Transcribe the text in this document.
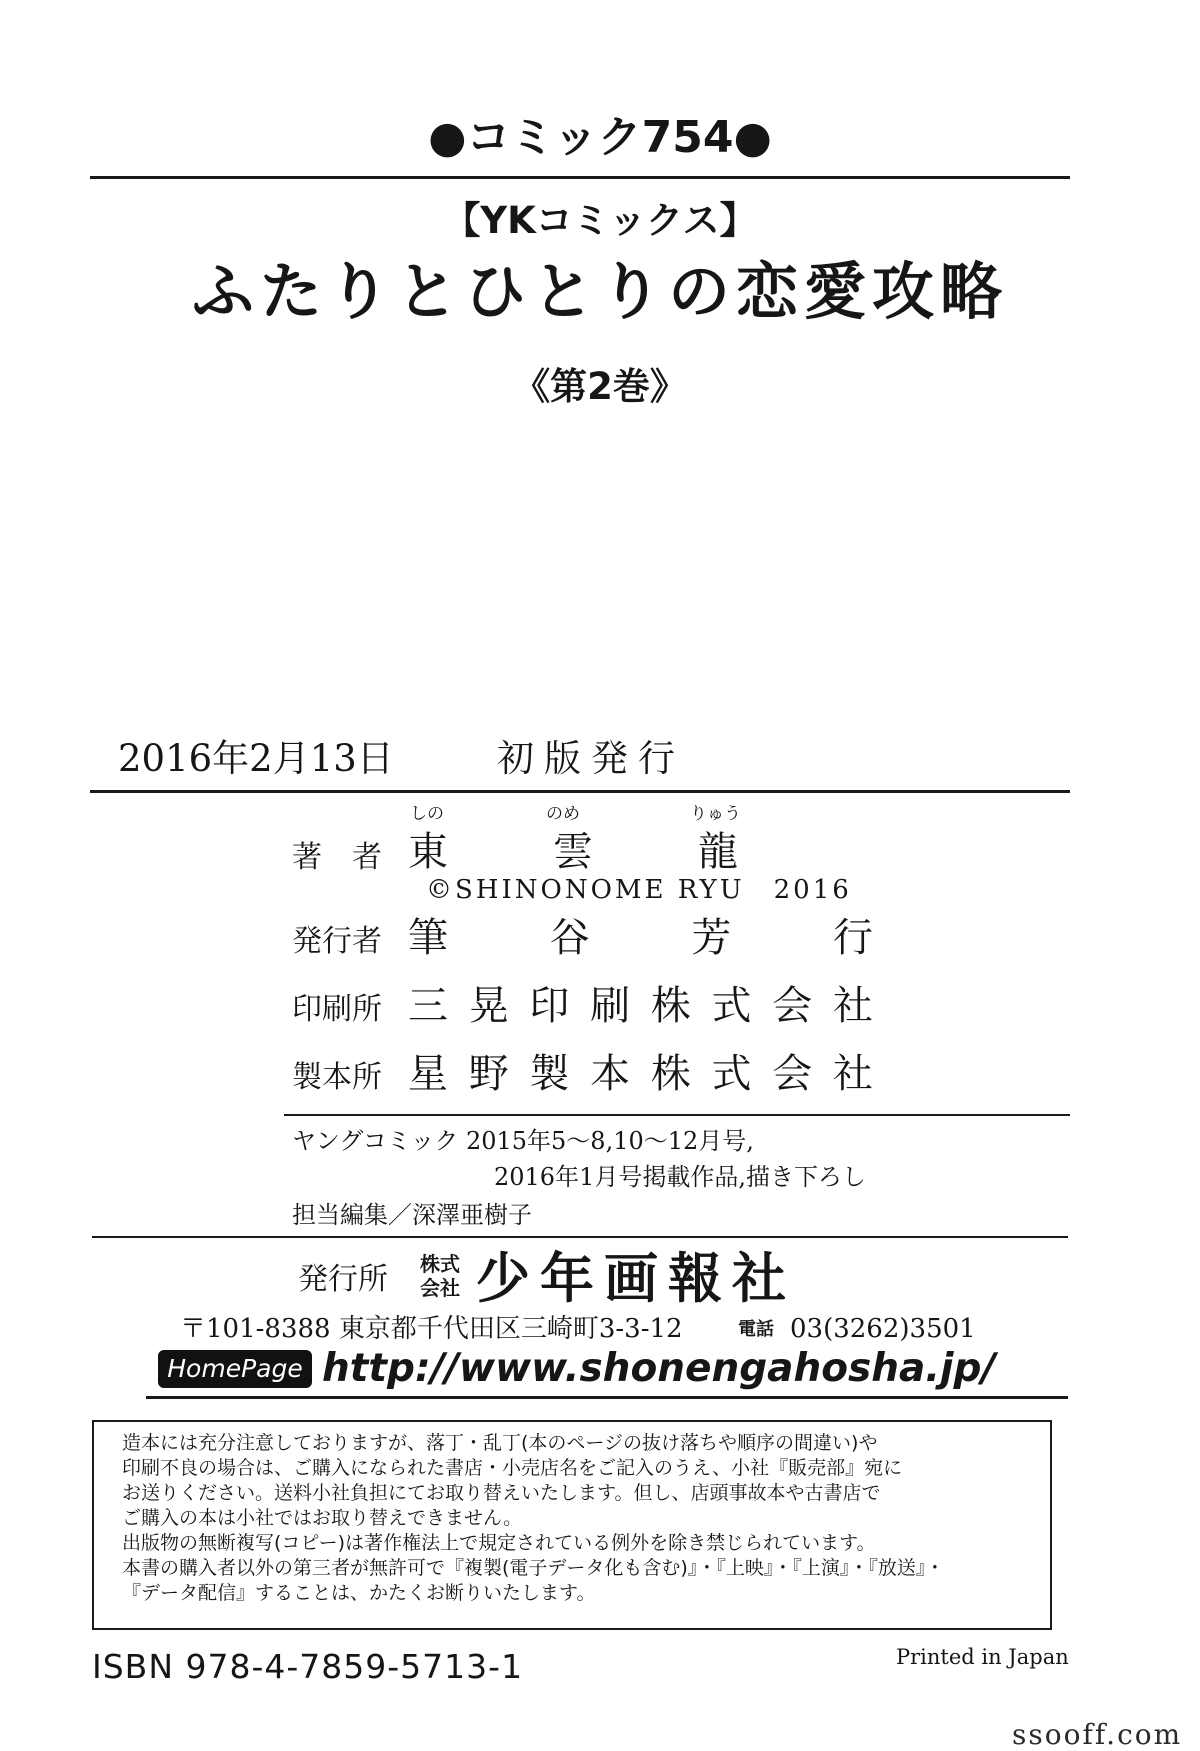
●コミック754●
【YKコミックス】
ふたりとひとりの恋愛攻略
《第2巻》
2016年2月13日	初版発行
しの	のめ	りゅう
著　者 東	雲	龍
©SHINONOME RYU　2016
発行者 筆	谷	芳	行
印刷所 三 晃 印 刷 株 式 会 社
製本所 星 野 製 本 株 式 会 社
ヤングコミック 2015年5～8,10～12月号,
2016年1月号掲載作品,描き下ろし
担当編集／深澤亜樹子
発行所 株式
会社 少年画報社
〒101-8388 東京都千代田区三崎町3-3-12	電話 03(3262)3501
HomePage http://www.shonengahosha.jp/
造本には充分注意しておりますが、落丁・乱丁(本のページの抜け落ちや順序の間違い)や
印刷不良の場合は、ご購入になられた書店・小売店名をご記入のうえ、小社『販売部』宛に
お送りください。送料小社負担にてお取り替えいたします。但し、店頭事故本や古書店で
ご購入の本は小社ではお取り替えできません。
出版物の無断複写(コピー)は著作権法上で規定されている例外を除き禁じられています。
本書の購入者以外の第三者が無許可で『複製(電子データ化も含む)』・『上映』・『上演』・『放送』・
『データ配信』することは、かたくお断りいたします。
ISBN 978-4-7859-5713-1	Printed in Japan
ssooff.com
